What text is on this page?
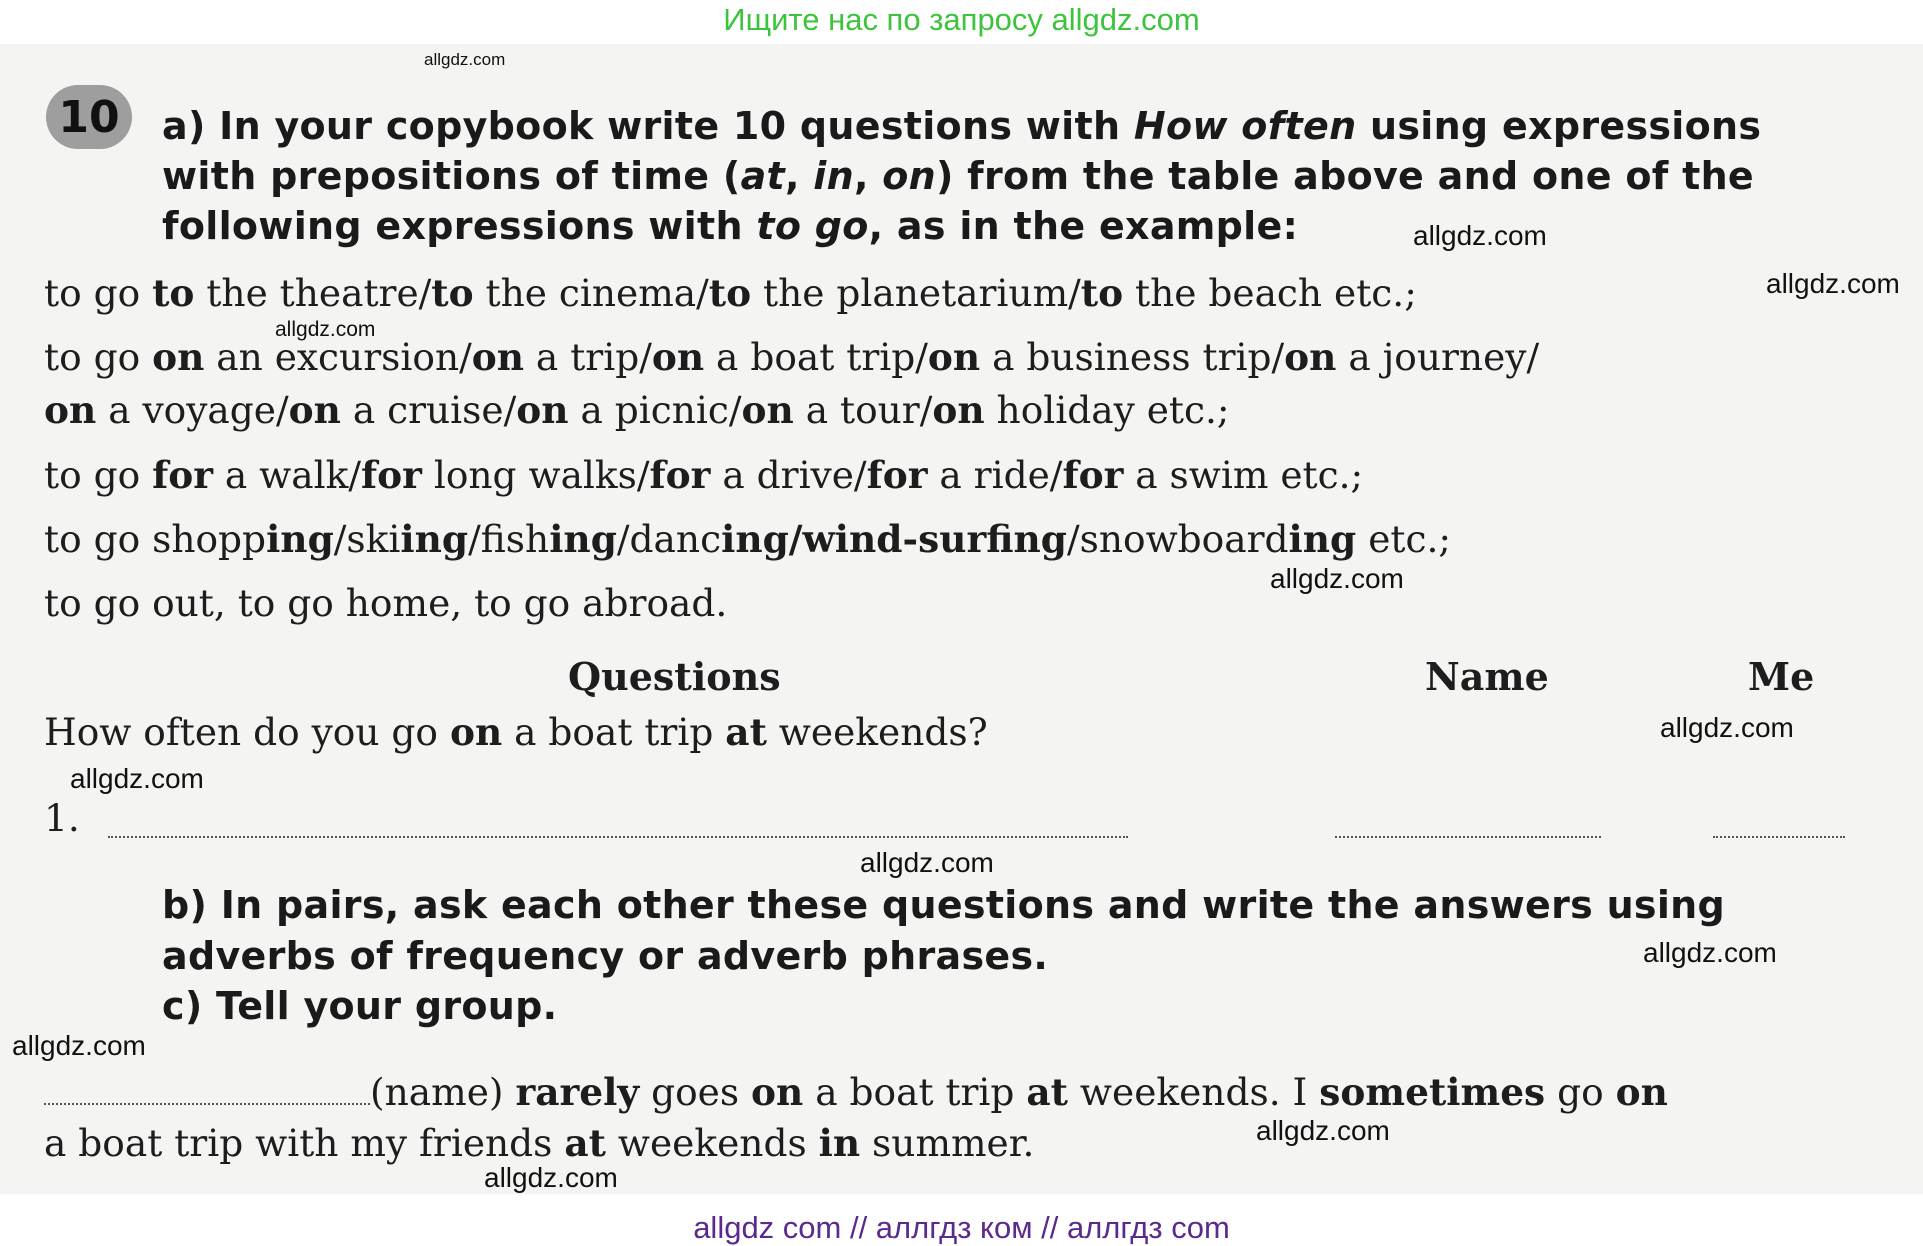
Ищите нас по запросу allgdz.com
10	a) In your copybook write 10 questions with How often using expressions
with prepositions of time (at, in, on) from the table above and one of the
following expressions with to go, as in the example:
to go to the theatre/to the cinema/to the planetarium/to the beach etc.;
to go on an excursion/on a trip/on a boat trip/on a business trip/on a journey/
on a voyage/on a cruise/on a picnic/on a tour/on holiday etc.;
to go for a walk/for long walks/for a drive/for a ride/for a swim etc.;
to go shopping/skiing/fishing/dancing/wind-surfing/snowboarding etc.;
to go out, to go home, to go abroad.
Questions	Name	Me
How often do you go on a boat trip at weekends?
1.
b) In pairs, ask each other these questions and write the answers using
adverbs of frequency or adverb phrases.
c) Tell your group.
(name) rarely goes on a boat trip at weekends. I sometimes go on
a boat trip with my friends at weekends in summer.
allgdz.com
allgdz.com
allgdz.com
allgdz.com
allgdz.com
allgdz.com
allgdz.com
allgdz.com
allgdz.com
allgdz.com
allgdz.com
allgdz.com
allgdz com // аллгдз ком // аллгдз com
